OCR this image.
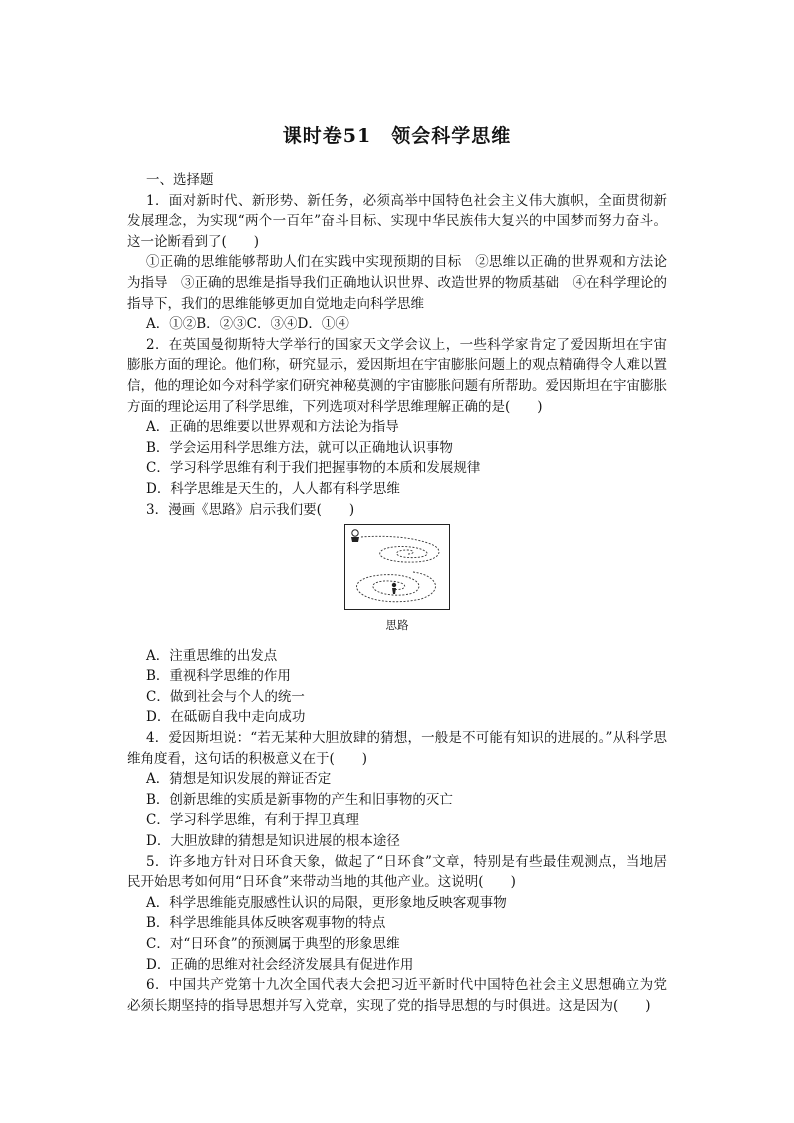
课时卷51　领会科学思维

一、选择题

1．面对新时代、新形势、新任务，必须高举中国特色社会主义伟大旗帜，全面贯彻新发展理念，为实现“两个一百年”奋斗目标、实现中华民族伟大复兴的中国梦而努力奋斗。这一论断看到了(　　)

①正确的思维能够帮助人们在实践中实现预期的目标　②思维以正确的世界观和方法论为指导　③正确的思维是指导我们正确地认识世界、改造世界的物质基础　④在科学理论的指导下，我们的思维能够更加自觉地走向科学思维

A．①②B．②③C．③④D．①④

2．在英国曼彻斯特大学举行的国家天文学会议上，一些科学家肯定了爱因斯坦在宇宙膨胀方面的理论。他们称，研究显示，爱因斯坦在宇宙膨胀问题上的观点精确得令人难以置信，他的理论如今对科学家们研究神秘莫测的宇宙膨胀问题有所帮助。爱因斯坦在宇宙膨胀方面的理论运用了科学思维，下列选项对科学思维理解正确的是(　　)

A．正确的思维要以世界观和方法论为指导

B．学会运用科学思维方法，就可以正确地认识事物

C．学习科学思维有利于我们把握事物的本质和发展规律

D．科学思维是天生的，人人都有科学思维

3．漫画《思路》启示我们要(　　)

思路

A．注重思维的出发点

B．重视科学思维的作用

C．做到社会与个人的统一

D．在砥砺自我中走向成功

4．爱因斯坦说：“若无某种大胆放肆的猜想，一般是不可能有知识的进展的。”从科学思维角度看，这句话的积极意义在于(　　)

A．猜想是知识发展的辩证否定

B．创新思维的实质是新事物的产生和旧事物的灭亡

C．学习科学思维，有利于捍卫真理

D．大胆放肆的猜想是知识进展的根本途径

5．许多地方针对日环食天象，做起了“日环食”文章，特别是有些最佳观测点，当地居民开始思考如何用“日环食”来带动当地的其他产业。这说明(　　)

A．科学思维能克服感性认识的局限，更形象地反映客观事物

B．科学思维能具体反映客观事物的特点

C．对“日环食”的预测属于典型的形象思维

D．正确的思维对社会经济发展具有促进作用

6．中国共产党第十九次全国代表大会把习近平新时代中国特色社会主义思想确立为党必须长期坚持的指导思想并写入党章，实现了党的指导思想的与时俱进。这是因为(　　)
